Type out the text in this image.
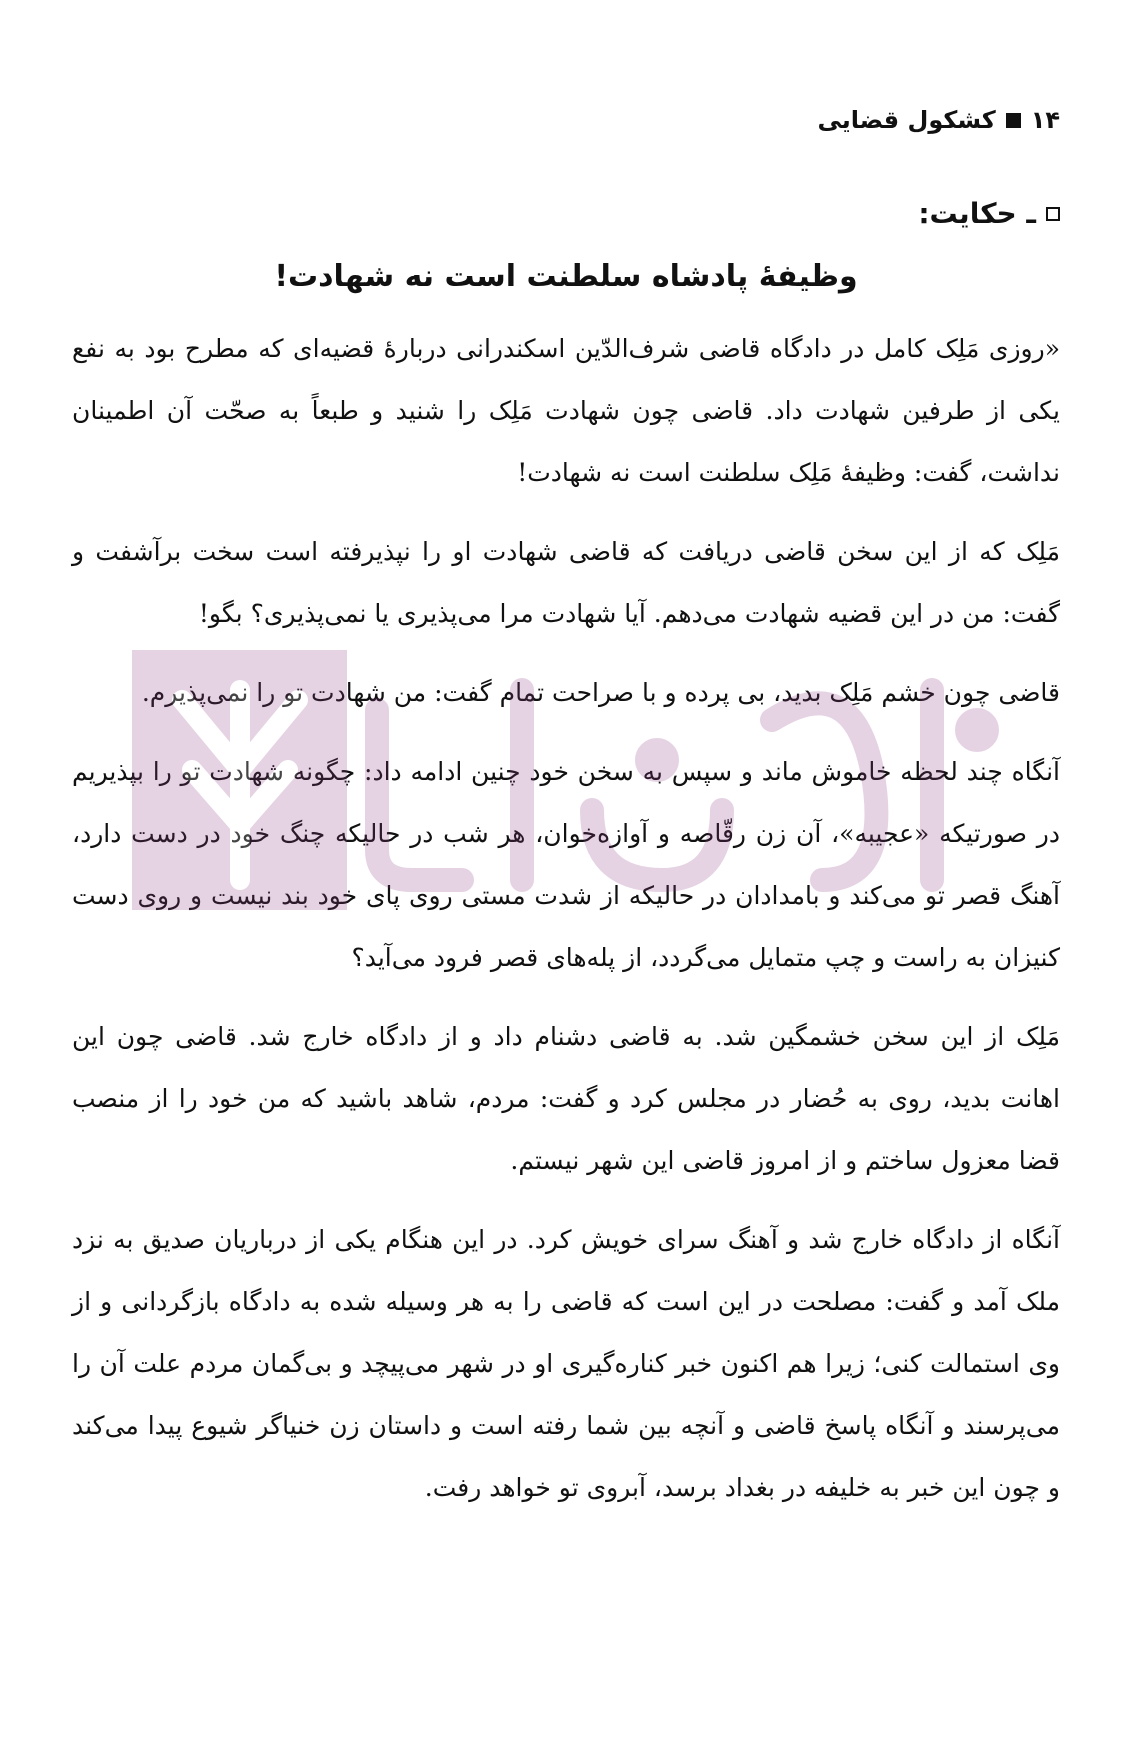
۱۴
کشکول قضایی
ـ حکایت:
وظیفهٔ پادشاه سلطنت است نه شهادت!

«روزی مَلِک کامل در دادگاه قاضی شرف‌الدّین اسکندرانی دربارهٔ قضیه‌ای که مطرح بود به نفع یکی از طرفین شهادت داد. قاضی چون شهادت مَلِک را شنید و طبعاً به صحّت آن اطمینان نداشت، گفت: وظیفهٔ مَلِک سلطنت است نه شهادت!

مَلِک که از این سخن قاضی دریافت که قاضی شهادت او را نپذیرفته است سخت برآشفت و گفت: من در این قضیه شهادت می‌دهم. آیا شهادت مرا می‌پذیری یا نمی‌پذیری؟ بگو!

قاضی چون خشم مَلِک بدید، بی پرده و با صراحت تمام گفت: من شهادت تو را نمی‌پذیرم.

آنگاه چند لحظه خاموش ماند و سپس به سخن خود چنین ادامه داد: چگونه شهادت تو را بپذیریم در صورتیکه «عجیبه»، آن زن رقّاصه و آوازه‌خوان، هر شب در حالیکه چنگ خود در دست دارد، آهنگ قصر تو می‌کند و بامدادان در حالیکه از شدت مستی روی پای خود بند نیست و روی دست کنیزان به راست و چپ متمایل می‌گردد، از پله‌های قصر فرود می‌آید؟

مَلِک از این سخن خشمگین شد. به قاضی دشنام داد و از دادگاه خارج شد. قاضی چون این اهانت بدید، روی به حُضار در مجلس کرد و گفت: مردم، شاهد باشید که من خود را از منصب قضا معزول ساختم و از امروز قاضی این شهر نیستم.

آنگاه از دادگاه خارج شد و آهنگ سرای خویش کرد. در این هنگام یکی از درباریان صدیق به نزد ملک آمد و گفت: مصلحت در این است که قاضی را به هر وسیله شده به دادگاه بازگردانی و از وی استمالت کنی؛ زیرا هم اکنون خبر کناره‌گیری او در شهر می‌پیچد و بی‌گمان مردم علت آن را می‌پرسند و آنگاه پاسخ قاضی و آنچه بین شما رفته است و داستان زن خنیاگر شیوع پیدا می‌کند و چون این خبر به خلیفه در بغداد برسد، آبروی تو خواهد رفت.
